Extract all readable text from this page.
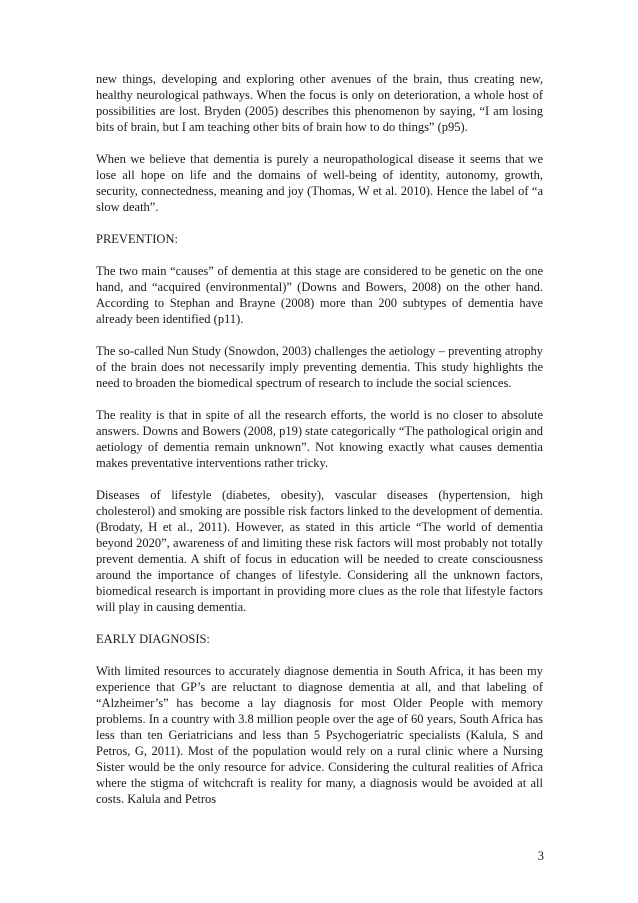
new things, developing and exploring other avenues of the brain, thus creating new, healthy neurological pathways. When the focus is only on deterioration, a whole host of possibilities are lost. Bryden (2005) describes this phenomenon by saying, “I am losing bits of brain, but I am teaching other bits of brain how to do things” (p95).

When we believe that dementia is purely a neuropathological disease it seems that we lose all hope on life and the domains of well-being of identity, autonomy, growth, security, connectedness, meaning and joy (Thomas, W et al. 2010). Hence the label of “a slow death”.

PREVENTION:

The two main “causes” of dementia at this stage are considered to be genetic on the one hand, and “acquired (environmental)” (Downs and Bowers, 2008) on the other hand. According to Stephan and Brayne (2008) more than 200 subtypes of dementia have already been identified (p11).

The so-called Nun Study (Snowdon, 2003) challenges the aetiology – preventing atrophy of the brain does not necessarily imply preventing dementia. This study highlights the need to broaden the biomedical spectrum of research to include the social sciences.

The reality is that in spite of all the research efforts, the world is no closer to absolute answers. Downs and Bowers (2008, p19) state categorically “The pathological origin and aetiology of dementia remain unknown”. Not knowing exactly what causes dementia makes preventative interventions rather tricky.

Diseases of lifestyle (diabetes, obesity), vascular diseases (hypertension, high cholesterol) and smoking are possible risk factors linked to the development of dementia. (Brodaty, H et al., 2011). However, as stated in this article “The world of dementia beyond 2020”, awareness of and limiting these risk factors will most probably not totally prevent dementia. A shift of focus in education will be needed to create consciousness around the importance of changes of lifestyle. Considering all the unknown factors, biomedical research is important in providing more clues as the role that lifestyle factors will play in causing dementia.

EARLY DIAGNOSIS:

With limited resources to accurately diagnose dementia in South Africa, it has been my experience that GP’s are reluctant to diagnose dementia at all, and that labeling of “Alzheimer’s” has become a lay diagnosis for most Older People with memory problems. In a country with 3.8 million people over the age of 60 years, South Africa has less than ten Geriatricians and less than 5 Psychogeriatric specialists (Kalula, S and Petros, G, 2011). Most of the population would rely on a rural clinic where a Nursing Sister would be the only resource for advice. Considering the cultural realities of Africa where the stigma of witchcraft is reality for many, a diagnosis would be avoided at all costs. Kalula and Petros

3
